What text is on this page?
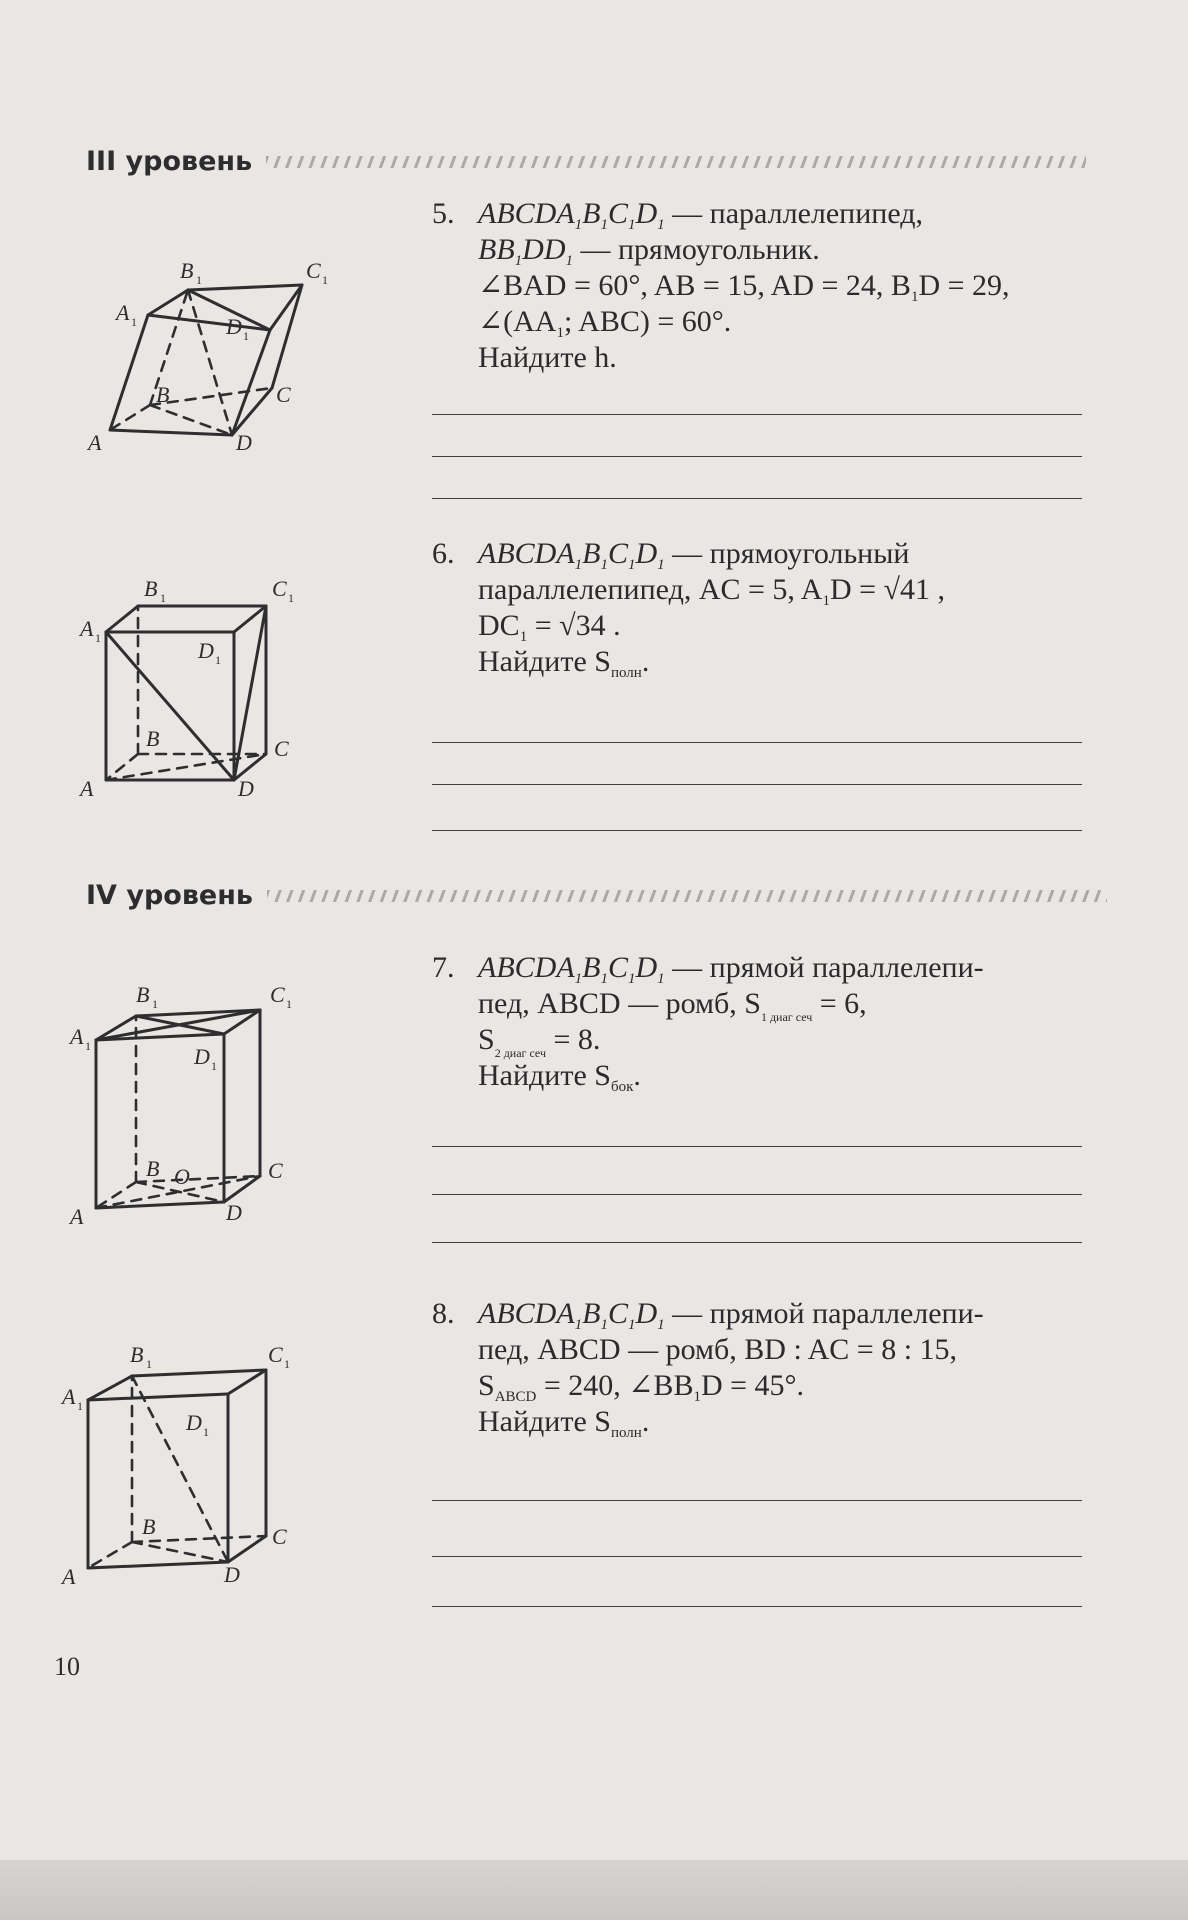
III уровень
IV уровень
5. $ABCDA_1B_1C_1D_1$ — параллелепипед,
$BB_1DD_1$ — прямоугольник.
∠BAD = 60°, AB = 15, AD = 24, $B_1D = 29$,
$\angle(AA_1$; ABC) = 60°.
Найдите h.
6. $ABCDA_1B_1C_1D_1$ — прямоугольный
параллелепипед, AC = 5, $A_1D = √41$ ,
$DC_1 = √34$ .
Найдите $S_{полн}$.
7. $ABCDA_1B_1C_1D_1$ — прямой параллелепи-
пед, ABCD — ромб, $S_{1 диаг сеч} = 6$,
$S_{2 диаг сеч} = 8$.
Найдите $S_{бок}$.
8. $ABCDA_1B_1C_1D_1$ — прямой параллелепи-
пед, ABCD — ромб, BD : AC = 8 : 15,
$S_{ABCD} = 240$, $\angle BB_1D = 45^\circ$.
Найдите $S_{полн}$.
A
B	C
D
A 1
B 1	C 1
D 1
A
B	C
D
A 1
B 1	C 1
D 1
A
B O	C
D
A 1
B 1	C 1
D 1
A
B	C
D
A 1
B 1	C 1
D 1
10
